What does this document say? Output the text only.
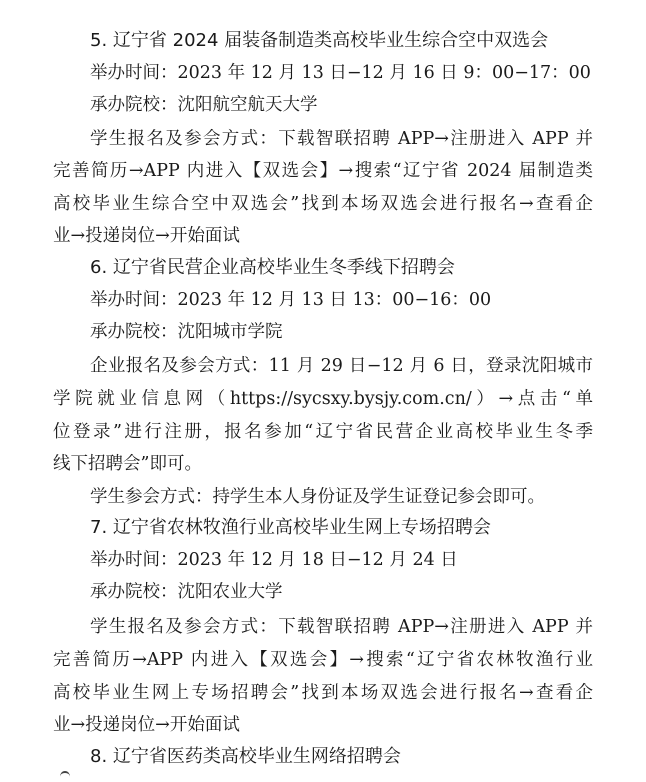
5. 辽宁省 2024 届装备制造类高校毕业生综合空中双选会
举办时间：2023 年 12 月 13 日−12 月 16 日 9：00−17：00
承办院校：沈阳航空航天大学
学生报名及参会方式：下载智联招聘 APP→注册进入 APP 并
完善简历→APP 内进入【双选会】→搜索“辽宁省 2024 届制造类
高校毕业生综合空中双选会”找到本场双选会进行报名→查看企
业→投递岗位→开始面试
6. 辽宁省民营企业高校毕业生冬季线下招聘会
举办时间：2023 年 12 月 13 日 13：00−16：00
承办院校：沈阳城市学院
企业报名及参会方式：11 月 29 日−12 月 6 日，登录沈阳城市
学院就业信息网（https://sycsxy.bysjy.com.cn/）→点击“单
位登录”进行注册，报名参加“辽宁省民营企业高校毕业生冬季
线下招聘会”即可。
学生参会方式：持学生本人身份证及学生证登记参会即可。
7. 辽宁省农林牧渔行业高校毕业生网上专场招聘会
举办时间：2023 年 12 月 18 日−12 月 24 日
承办院校：沈阳农业大学
学生报名及参会方式：下载智联招聘 APP→注册进入 APP 并
完善简历→APP 内进入【双选会】→搜索“辽宁省农林牧渔行业
高校毕业生网上专场招聘会”找到本场双选会进行报名→查看企
业→投递岗位→开始面试
8. 辽宁省医药类高校毕业生网络招聘会
